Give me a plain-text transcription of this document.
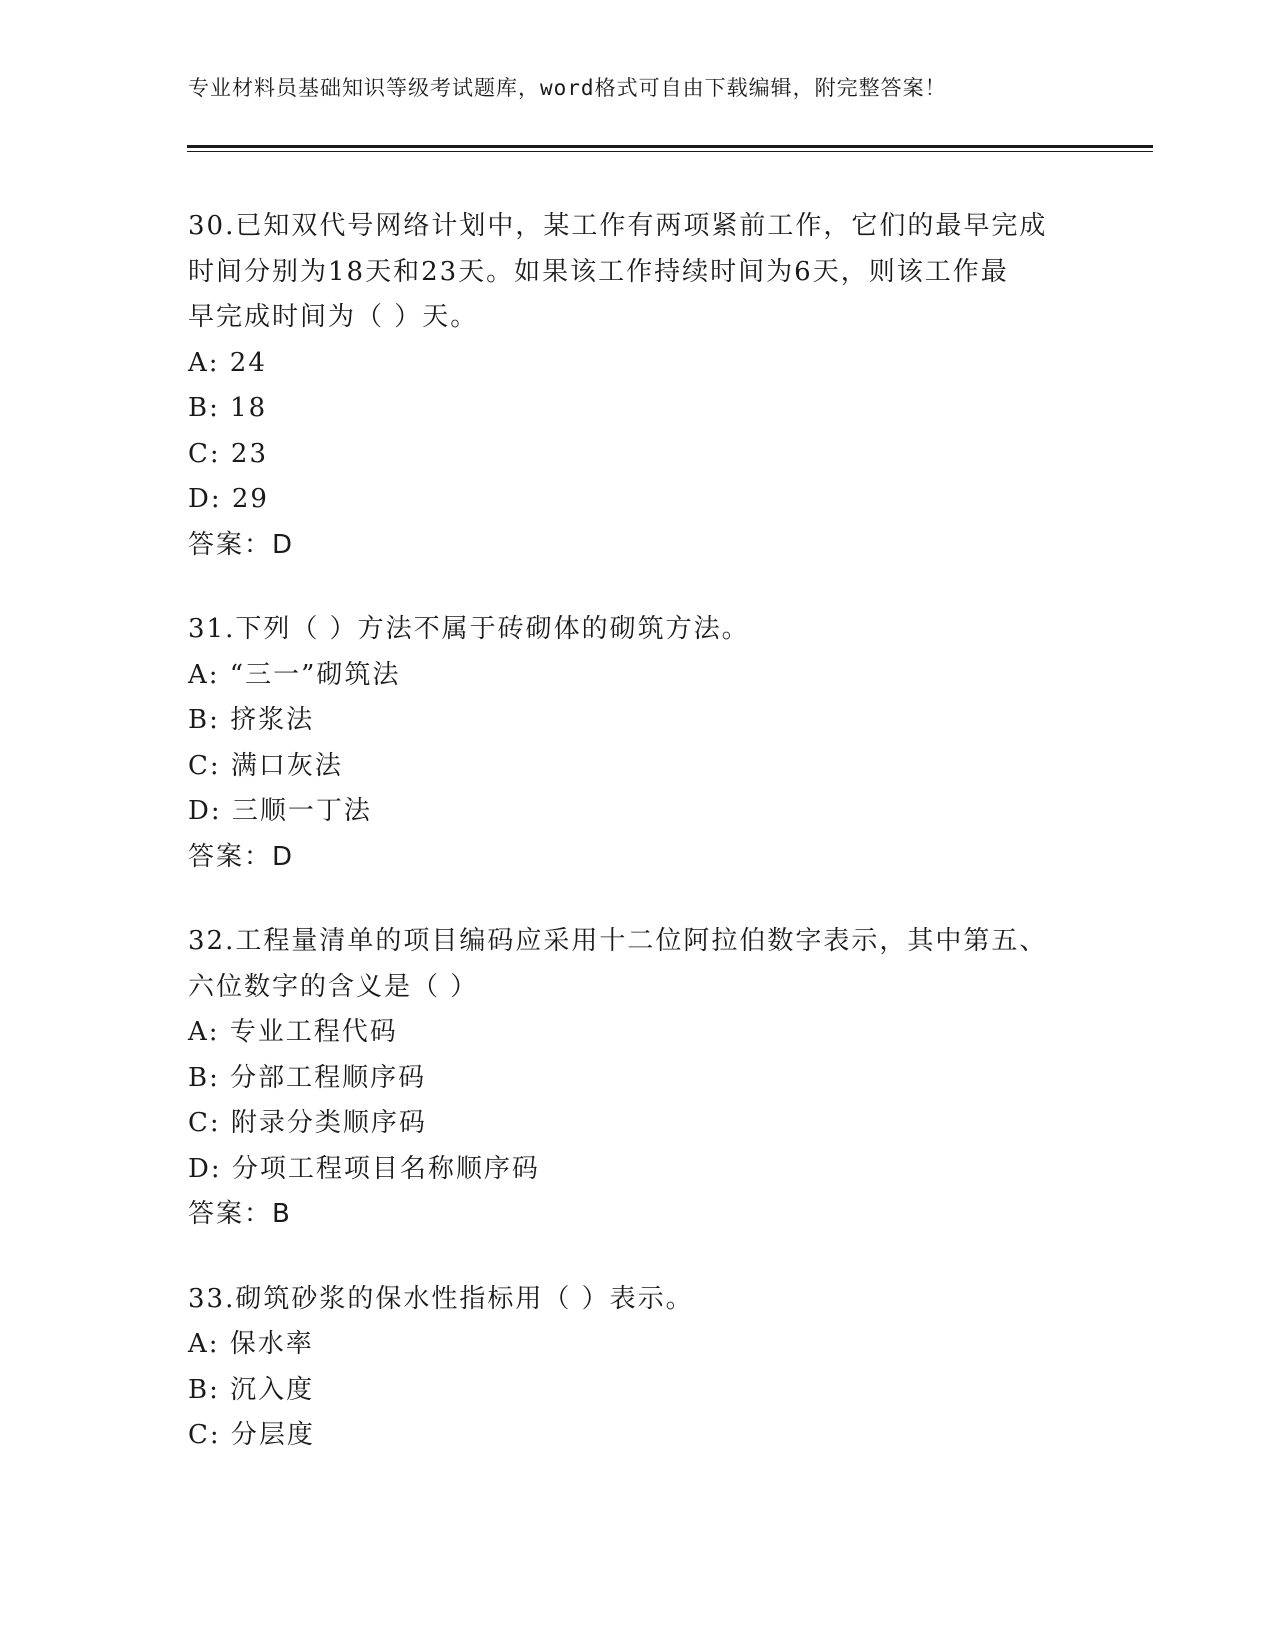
专业材料员基础知识等级考试题库，word格式可自由下载编辑，附完整答案！
30.已知双代号网络计划中，某工作有两项紧前工作，它们的最早完成
时间分别为18天和23天。如果该工作持续时间为6天，则该工作最
早完成时间为（ ）天。
A: 24
B: 18
C: 23
D: 29
答案：D
31.下列（ ）方法不属于砖砌体的砌筑方法。
A: “三一”砌筑法
B: 挤浆法
C: 满口灰法
D: 三顺一丁法
答案：D
32.工程量清单的项目编码应采用十二位阿拉伯数字表示，其中第五、
六位数字的含义是（ ）
A: 专业工程代码
B: 分部工程顺序码
C: 附录分类顺序码
D: 分项工程项目名称顺序码
答案：B
33.砌筑砂浆的保水性指标用（ ）表示。
A: 保水率
B: 沉入度
C: 分层度
